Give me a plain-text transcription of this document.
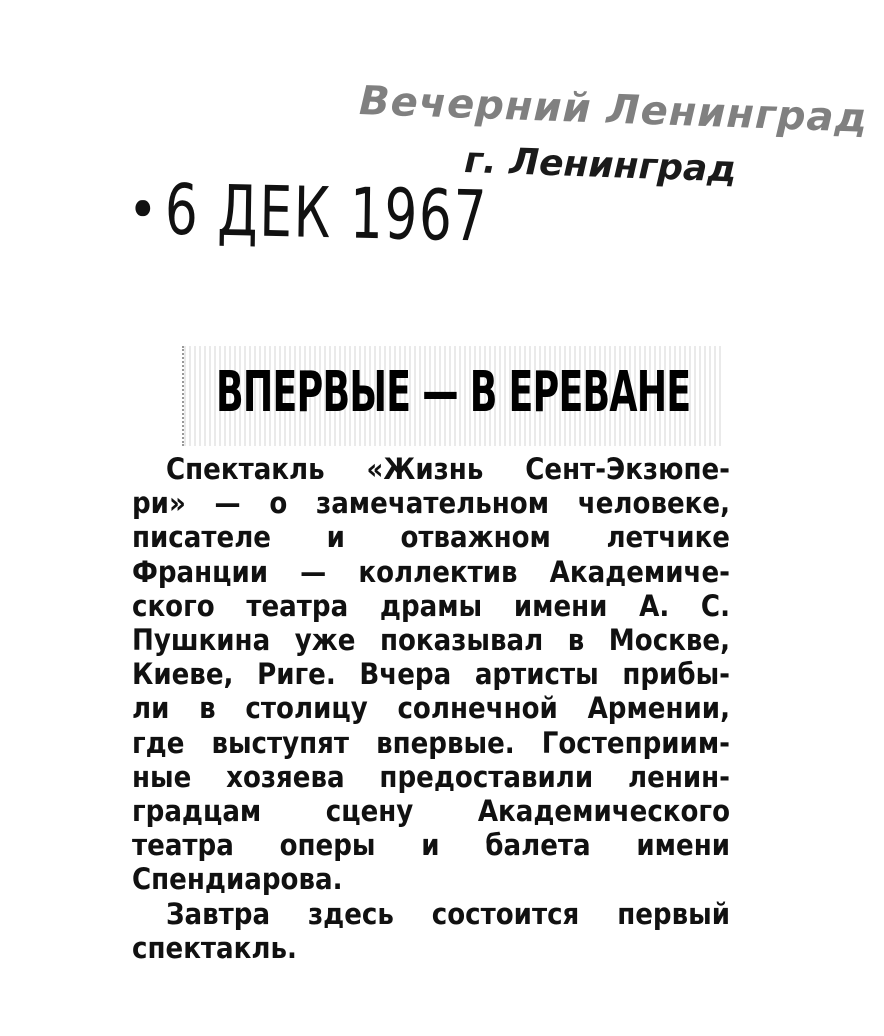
Вечерний Ленинград
г. Ленинград
6 ДЕК 1967
ВПЕРВЫЕ — В ЕРЕВАНЕ
Спектакль «Жизнь Сент-Экзюпе-
ри» — о замечательном человеке,
писателе и отважном летчике
Франции — коллектив Академиче-
ского театра драмы имени А. С.
Пушкина уже показывал в Москве,
Киеве, Риге. Вчера артисты прибы-
ли в столицу солнечной Армении,
где выступят впервые. Гостеприим-
ные хозяева предоставили ленин-
градцам сцену Академического
театра оперы и балета имени
Спендиарова.
Завтра здесь состоится первый
спектакль.
